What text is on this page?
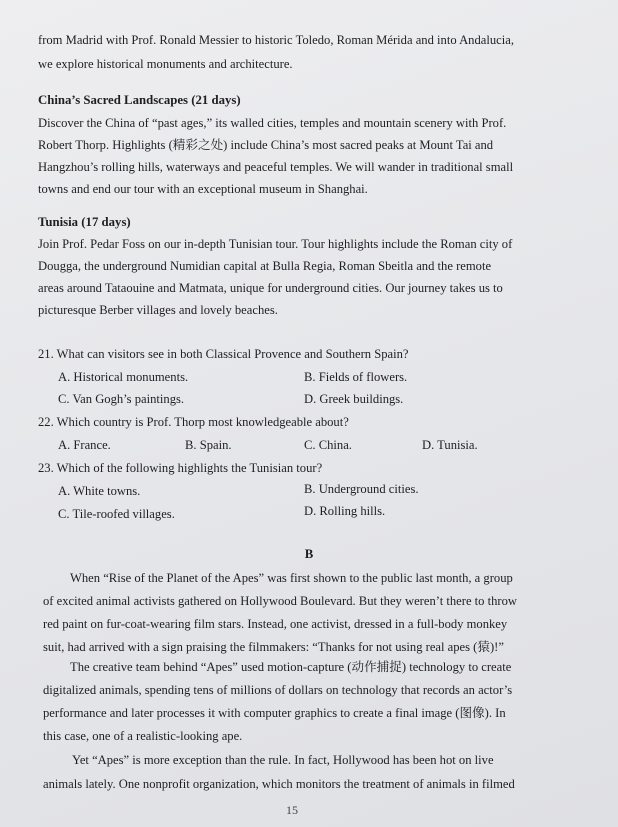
from Madrid with Prof. Ronald Messier to historic Toledo, Roman Mérida and into Andalucia,
we explore historical monuments and architecture.
China’s Sacred Landscapes (21 days)
Discover the China of “past ages,” its walled cities, temples and mountain scenery with Prof.
Robert Thorp. Highlights (精彩之处) include China’s most sacred peaks at Mount Tai and
Hangzhou’s rolling hills, waterways and peaceful temples. We will wander in traditional small
towns and end our tour with an exceptional museum in Shanghai.
Tunisia (17 days)
Join Prof. Pedar Foss on our in-depth Tunisian tour. Tour highlights include the Roman city of
Dougga, the underground Numidian capital at Bulla Regia, Roman Sbeitla and the remote
areas around Tataouine and Matmata, unique for underground cities. Our journey takes us to
picturesque Berber villages and lovely beaches.
21. What can visitors see in both Classical Provence and Southern Spain?
A. Historical monuments.	B. Fields of flowers.
C. Van Gogh’s paintings.	D. Greek buildings.
22. Which country is Prof. Thorp most knowledgeable about?
A. France.	B. Spain.	C. China.	D. Tunisia.
23. Which of the following highlights the Tunisian tour?
A. White towns.	B. Underground cities.
C. Tile-roofed villages.	D. Rolling hills.
B
When “Rise of the Planet of the Apes” was first shown to the public last month, a group
of excited animal activists gathered on Hollywood Boulevard. But they weren’t there to throw
red paint on fur-coat-wearing film stars. Instead, one activist, dressed in a full-body monkey
suit, had arrived with a sign praising the filmmakers: “Thanks for not using real apes (猿)!”
The creative team behind “Apes” used motion-capture (动作捕捉) technology to create
digitalized animals, spending tens of millions of dollars on technology that records an actor’s
performance and later processes it with computer graphics to create a final image (图像). In
this case, one of a realistic-looking ape.
Yet “Apes” is more exception than the rule. In fact, Hollywood has been hot on live
animals lately. One nonprofit organization, which monitors the treatment of animals in filmed
15
